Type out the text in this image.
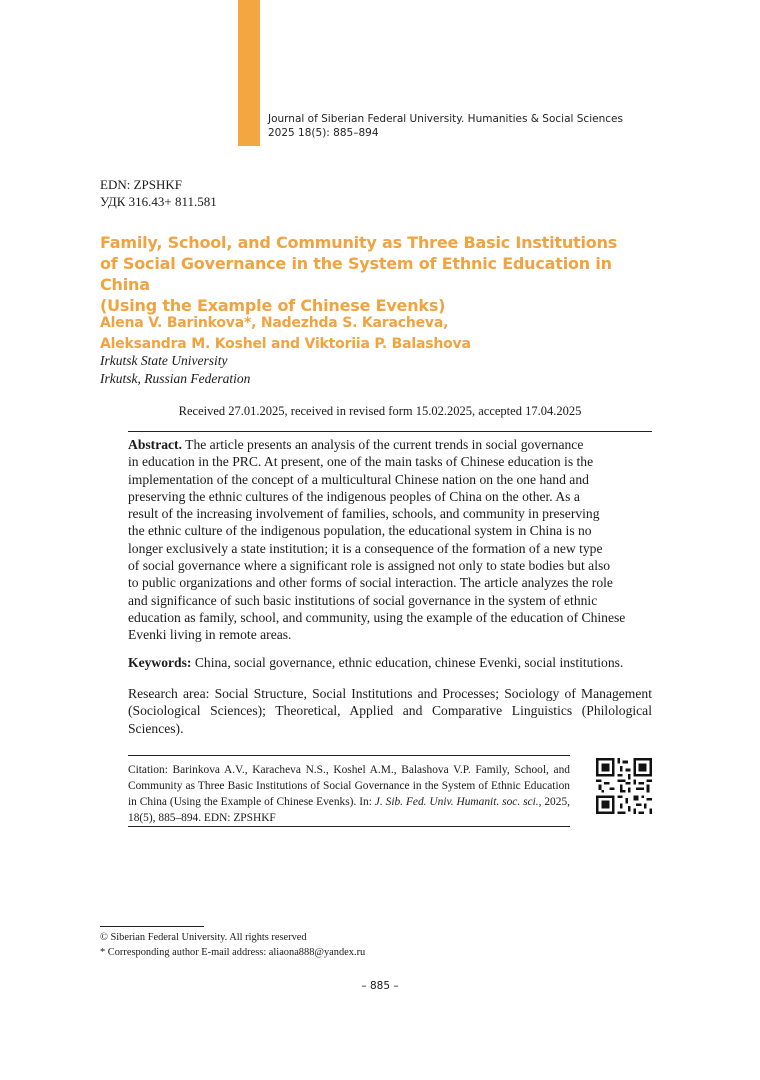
Journal of Siberian Federal University. Humanities & Social Sciences
2025 18(5): 885–894
EDN: ZPSHKF
УДК 316.43+ 811.581
Family, School, and Community as Three Basic Institutions
of Social Governance in the System of Ethnic Education in China
(Using the Example of Chinese Evenks)
Alena V. Barinkova*, Nadezhda S. Karacheva,
Aleksandra M. Koshel and Viktoriia P. Balashova
Irkutsk State University
Irkutsk, Russian Federation
Received 27.01.2025, received in revised form 15.02.2025, accepted 17.04.2025
Abstract. The article presents an analysis of the current trends in social governance
in education in the PRC. At present, one of the main tasks of Chinese education is the
implementation of the concept of a multicultural Chinese nation on the one hand and
preserving the ethnic cultures of the indigenous peoples of China on the other. As a
result of the increasing involvement of families, schools, and community in preserving
the ethnic culture of the indigenous population, the educational system in China is no
longer exclusively a state institution; it is a consequence of the formation of a new type
of social governance where a significant role is assigned not only to state bodies but also
to public organizations and other forms of social interaction. The article analyzes the role
and significance of such basic institutions of social governance in the system of ethnic
education as family, school, and community, using the example of the education of Chinese
Evenki living in remote areas.

Keywords: China, social governance, ethnic education, chinese Evenki, social institutions.

Research area: Social Structure, Social Institutions and Processes; Sociology of Management (Sociological Sciences); Theoretical, Applied and Comparative Linguistics (Philological Sciences).

Citation: Barinkova A.V., Karacheva N.S., Koshel A.M., Balashova V.P. Family, School, and Community as Three Basic Institutions of Social Governance in the System of Ethnic Education in China (Using the Example of Chinese Evenks). In: J. Sib. Fed. Univ. Humanit. soc. sci., 2025, 18(5), 885–894. EDN: ZPSHKF

© Siberian Federal University. All rights reserved
* Corresponding author E-mail address: aliaona888@yandex.ru
– 885 –
